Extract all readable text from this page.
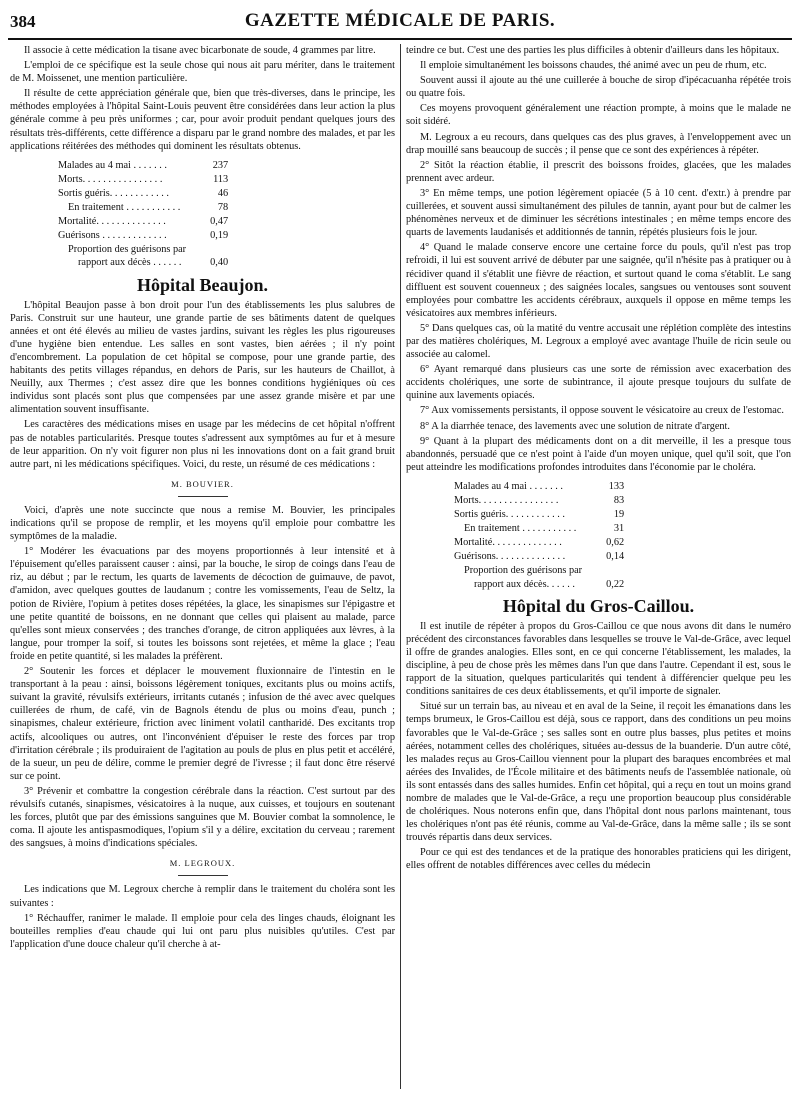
384	GAZETTE MÉDICALE DE PARIS.

Il associe à cette médication la tisane avec bicarbonate de soude, 4 grammes par litre.

L'emploi de ce spécifique est la seule chose qui nous ait paru mériter, dans le traitement de M. Moissenet, une mention particulière.

Il résulte de cette appréciation générale que, bien que très-diverses, dans le principe, les méthodes employées à l'hôpital Saint-Louis peuvent être considérées dans leur action la plus générale comme à peu près uniformes ; car, pour avoir produit pendant quelques jours des résultats très-différents, cette différence a disparu par le grand nombre des malades, et par les applications réitérées des méthodes qui dominent les résultats obtenus.

Malades au 4 mai . . . . . . .	237
Morts. . . . . . . . . . . . . . . .	113
Sortis guéris. . . . . . . . . . . .	46
En traitement . . . . . . . . . . .	78
Mortalité. . . . . . . . . . . . . .	0,47
Guérisons . . . . . . . . . . . . .	0,19

Proportion des guérisons par
rapport aux décès . . . . . .	0,40
Hôpital Beaujon.

L'hôpital Beaujon passe à bon droit pour l'un des établissements les plus salubres de Paris. Construit sur une hauteur, une grande partie de ses bâtiments datent de quelques années et ont été élevés au milieu de vastes jardins, suivant les règles les plus rigoureuses d'une hygiène bien entendue. Les salles en sont vastes, bien aérées ; il n'y point d'encombrement. La population de cet hôpital se compose, pour une grande partie, des habitants des petits villages répandus, en dehors de Paris, sur les hauteurs de Chaillot, à Neuilly, aux Thermes ; c'est assez dire que les bonnes conditions hygiéniques où ces individus sont placés sont plus que compensées par une assez grande misère et par une alimentation souvent insuffisante.

Les caractères des médications mises en usage par les médecins de cet hôpital n'offrent pas de notables particularités. Presque toutes s'adressent aux symptômes au fur et à mesure de leur apparition. On n'y voit figurer non plus ni les innovations dont on a fait grand bruit autre part, ni les médications spécifiques. Voici, du reste, un résumé de ces médications :

M. BOUVIER.

Voici, d'après une note succincte que nous a remise M. Bouvier, les principales indications qu'il se propose de remplir, et les moyens qu'il emploie pour combattre les symptômes de la maladie.

1° Modérer les évacuations par des moyens proportionnés à leur intensité et à l'épuisement qu'elles paraissent causer : ainsi, par la bouche, le sirop de coings dans l'eau de riz, au début ; par le rectum, les quarts de lavements de décoction de guimauve, de pavot, d'amidon, avec quelques gouttes de laudanum ; contre les vomissements, l'eau de Seltz, la potion de Rivière, l'opium à petites doses répétées, la glace, les sinapismes sur l'épigastre et une petite quantité de boissons, en ne donnant que celles qui plaisent au malade, parce qu'elles sont mieux conservées ; des tranches d'orange, de citron appliquées aux lèvres, à la langue, pour tromper la soif, si toutes les boissons sont rejetées, et même la glace ; l'eau froide en petite quantité, si les malades la préfèrent.

2° Soutenir les forces et déplacer le mouvement fluxionnaire de l'intestin en le transportant à la peau : ainsi, boissons légèrement toniques, excitants plus ou moins actifs, suivant la gravité, révulsifs extérieurs, irritants cutanés ; infusion de thé avec avec quelques cuillerées de rhum, de café, vin de Bagnols étendu de plus ou moins d'eau, punch ; sinapismes, chaleur extérieure, friction avec liniment volatil cantharidé. Des excitants trop actifs, alcooliques ou autres, ont l'inconvénient d'épuiser le reste des forces par trop d'irritation cérébrale ; ils produiraient de l'agitation au pouls de plus en plus petit et accéléré, de la sueur, un peu de délire, comme le premier degré de l'ivresse ; il faut donc être réservé sur ce point.

3° Prévenir et combattre la congestion cérébrale dans la réaction. C'est surtout par des révulsifs cutanés, sinapismes, vésicatoires à la nuque, aux cuisses, et toujours en soutenant les forces, plutôt que par des émissions sanguines que M. Bouvier combat la somnolence, le coma. Il ajoute les antispasmodiques, l'opium s'il y a délire, excitation du cerveau ; rarement des sangsues, à moins d'indications spéciales.

M. LEGROUX.

Les indications que M. Legroux cherche à remplir dans le traitement du choléra sont les suivantes :

1° Réchauffer, ranimer le malade. Il emploie pour cela des linges chauds, éloignant les bouteilles remplies d'eau chaude qui lui ont paru plus nuisibles qu'utiles. C'est par l'application d'une douce chaleur qu'il cherche à at-

teindre ce but. C'est une des parties les plus difficiles à obtenir d'ailleurs dans les hôpitaux.

Il emploie simultanément les boissons chaudes, thé animé avec un peu de rhum, etc.

Souvent aussi il ajoute au thé une cuillerée à bouche de sirop d'ipécacuanha répétée trois ou quatre fois.

Ces moyens provoquent généralement une réaction prompte, à moins que le malade ne soit sidéré.

M. Legroux a eu recours, dans quelques cas des plus graves, à l'enveloppement avec un drap mouillé sans beaucoup de succès ; il pense que ce sont des expériences à répéter.

2° Sitôt la réaction établie, il prescrit des boissons froides, glacées, que les malades prennent avec ardeur.

3° En même temps, une potion légèrement opiacée (5 à 10 cent. d'extr.) à prendre par cuillerées, et souvent aussi simultanément des pilules de tannin, ayant pour but de calmer les phénomènes nerveux et de diminuer les sécrétions intestinales ; en même temps encore des quarts de lavements laudanisés et additionnés de tannin, répétés plusieurs fois le jour.

4° Quand le malade conserve encore une certaine force du pouls, qu'il n'est pas trop refroidi, il lui est souvent arrivé de débuter par une saignée, qu'il n'hésite pas à pratiquer ou à récidiver quand il s'établit une fièvre de réaction, et surtout quand le coma s'établit. Le sang diffluent est souvent couenneux ; des saignées locales, sangsues ou ventouses sont souvent employées pour combattre les accidents cérébraux, auxquels il oppose en même temps les vésicatoires aux membres inférieurs.

5° Dans quelques cas, où la matité du ventre accusait une réplétion complète des intestins par des matières cholériques, M. Legroux a employé avec avantage l'huile de ricin seule ou associée au calomel.

6° Ayant remarqué dans plusieurs cas une sorte de rémission avec exacerbation des accidents cholériques, une sorte de subintrance, il ajoute presque toujours du sulfate de quinine aux lavements opiacés.

7° Aux vomissements persistants, il oppose souvent le vésicatoire au creux de l'estomac.

8° A la diarrhée tenace, des lavements avec une solution de nitrate d'argent.

9° Quant à la plupart des médicaments dont on a dit merveille, il les a presque tous abandonnés, persuadé que ce n'est point à l'aide d'un moyen unique, quel qu'il soit, que l'on peut atteindre les modifications profondes introduites dans l'économie par le choléra.

Malades au 4 mai . . . . . . .	133
Morts. . . . . . . . . . . . . . . .	83
Sortis guéris. . . . . . . . . . . .	19
En traitement . . . . . . . . . . .	31
Mortalité. . . . . . . . . . . . . .	0,62
Guérisons. . . . . . . . . . . . . .	0,14

Proportion des guérisons par
rapport aux décès. . . . . .	0,22
Hôpital du Gros-Caillou.

Il est inutile de répéter à propos du Gros-Caillou ce que nous avons dit dans le numéro précédent des circonstances favorables dans lesquelles se trouve le Val-de-Grâce, avec lequel il offre de grandes analogies. Elles sont, en ce qui concerne l'établissement, les malades, la discipline, à peu de chose près les mêmes dans l'un que dans l'autre. Cependant il est, sous le rapport de la situation, quelques particularités qui tendent à différencier quelque peu les conditions sanitaires de ces deux établissements, et qu'il importe de signaler.

Situé sur un terrain bas, au niveau et en aval de la Seine, il reçoit les émanations dans les temps brumeux, le Gros-Caillou est déjà, sous ce rapport, dans des conditions un peu moins favorables que le Val-de-Grâce ; ses salles sont en outre plus basses, plus petites et moins aérées, notamment celles des cholériques, situées au-dessus de la buanderie. D'un autre côté, les malades reçus au Gros-Caillou viennent pour la plupart des baraques encombrées et mal aérées des Invalides, de l'École militaire et des bâtiments neufs de l'assemblée nationale, où ils sont entassés dans des salles humides. Enfin cet hôpital, qui a reçu en tout un moins grand nombre de malades que le Val-de-Grâce, a reçu une proportion beaucoup plus considérable de cholériques. Nous noterons enfin que, dans l'hôpital dont nous parlons maintenant, tous les cholériques n'ont pas été réunis, comme au Val-de-Grâce, dans la même salle ; ils se sont trouvés répartis dans deux services.

Pour ce qui est des tendances et de la pratique des honorables praticiens qui les dirigent, elles offrent de notables différences avec celles du médecin
